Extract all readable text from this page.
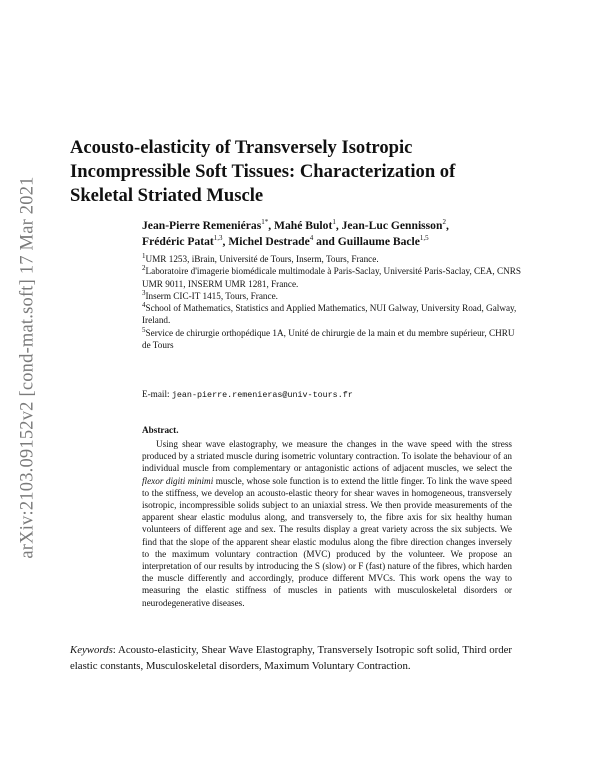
arXiv:2103.09152v2 [cond-mat.soft] 17 Mar 2021
Acousto-elasticity of Transversely Isotropic
Incompressible Soft Tissues: Characterization of
Skeletal Striated Muscle
Jean-Pierre Remeniéras$^{1*}$, Mahé Bulot$^1$, Jean-Luc Gennisson$^2$,
Frédéric Patat$^{1,3}$, Michel Destrade$^4$ and Guillaume Bacle$^{1,5}$
$^1$UMR 1253, iBrain, Université de Tours, Inserm, Tours, France.
$^2$Laboratoire d'imagerie biomédicale multimodale à Paris-Saclay, Université Paris-Saclay, CEA, CNRS UMR 9011, INSERM UMR 1281, France.
$^3$Inserm CIC-IT 1415, Tours, France.
$^4$School of Mathematics, Statistics and Applied Mathematics, NUI Galway, University Road, Galway, Ireland.
$^5$Service de chirurgie orthopédique 1A, Unité de chirurgie de la main et du membre supérieur, CHRU de Tours
E-mail: jean-pierre.remenieras@univ-tours.fr
Abstract.

Using shear wave elastography, we measure the changes in the wave speed with the stress produced by a striated muscle during isometric voluntary contraction. To isolate the behaviour of an individual muscle from complementary or antagonistic actions of adjacent muscles, we select the flexor digiti minimi muscle, whose sole function is to extend the little finger. To link the wave speed to the stiffness, we develop an acousto-elastic theory for shear waves in homogeneous, transversely isotropic, incompressible solids subject to an uniaxial stress. We then provide measurements of the apparent shear elastic modulus along, and transversely to, the fibre axis for six healthy human volunteers of different age and sex. The results display a great variety across the six subjects. We find that the slope of the apparent shear elastic modulus along the fibre direction changes inversely to the maximum voluntary contraction (MVC) produced by the volunteer. We propose an interpretation of our results by introducing the S (slow) or F (fast) nature of the fibres, which harden the muscle differently and accordingly, produce different MVCs. This work opens the way to measuring the elastic stiffness of muscles in patients with musculoskeletal disorders or neurodegenerative diseases.

Keywords: Acousto-elasticity, Shear Wave Elastography, Transversely Isotropic soft solid, Third order elastic constants, Musculoskeletal disorders, Maximum Voluntary Contraction.
